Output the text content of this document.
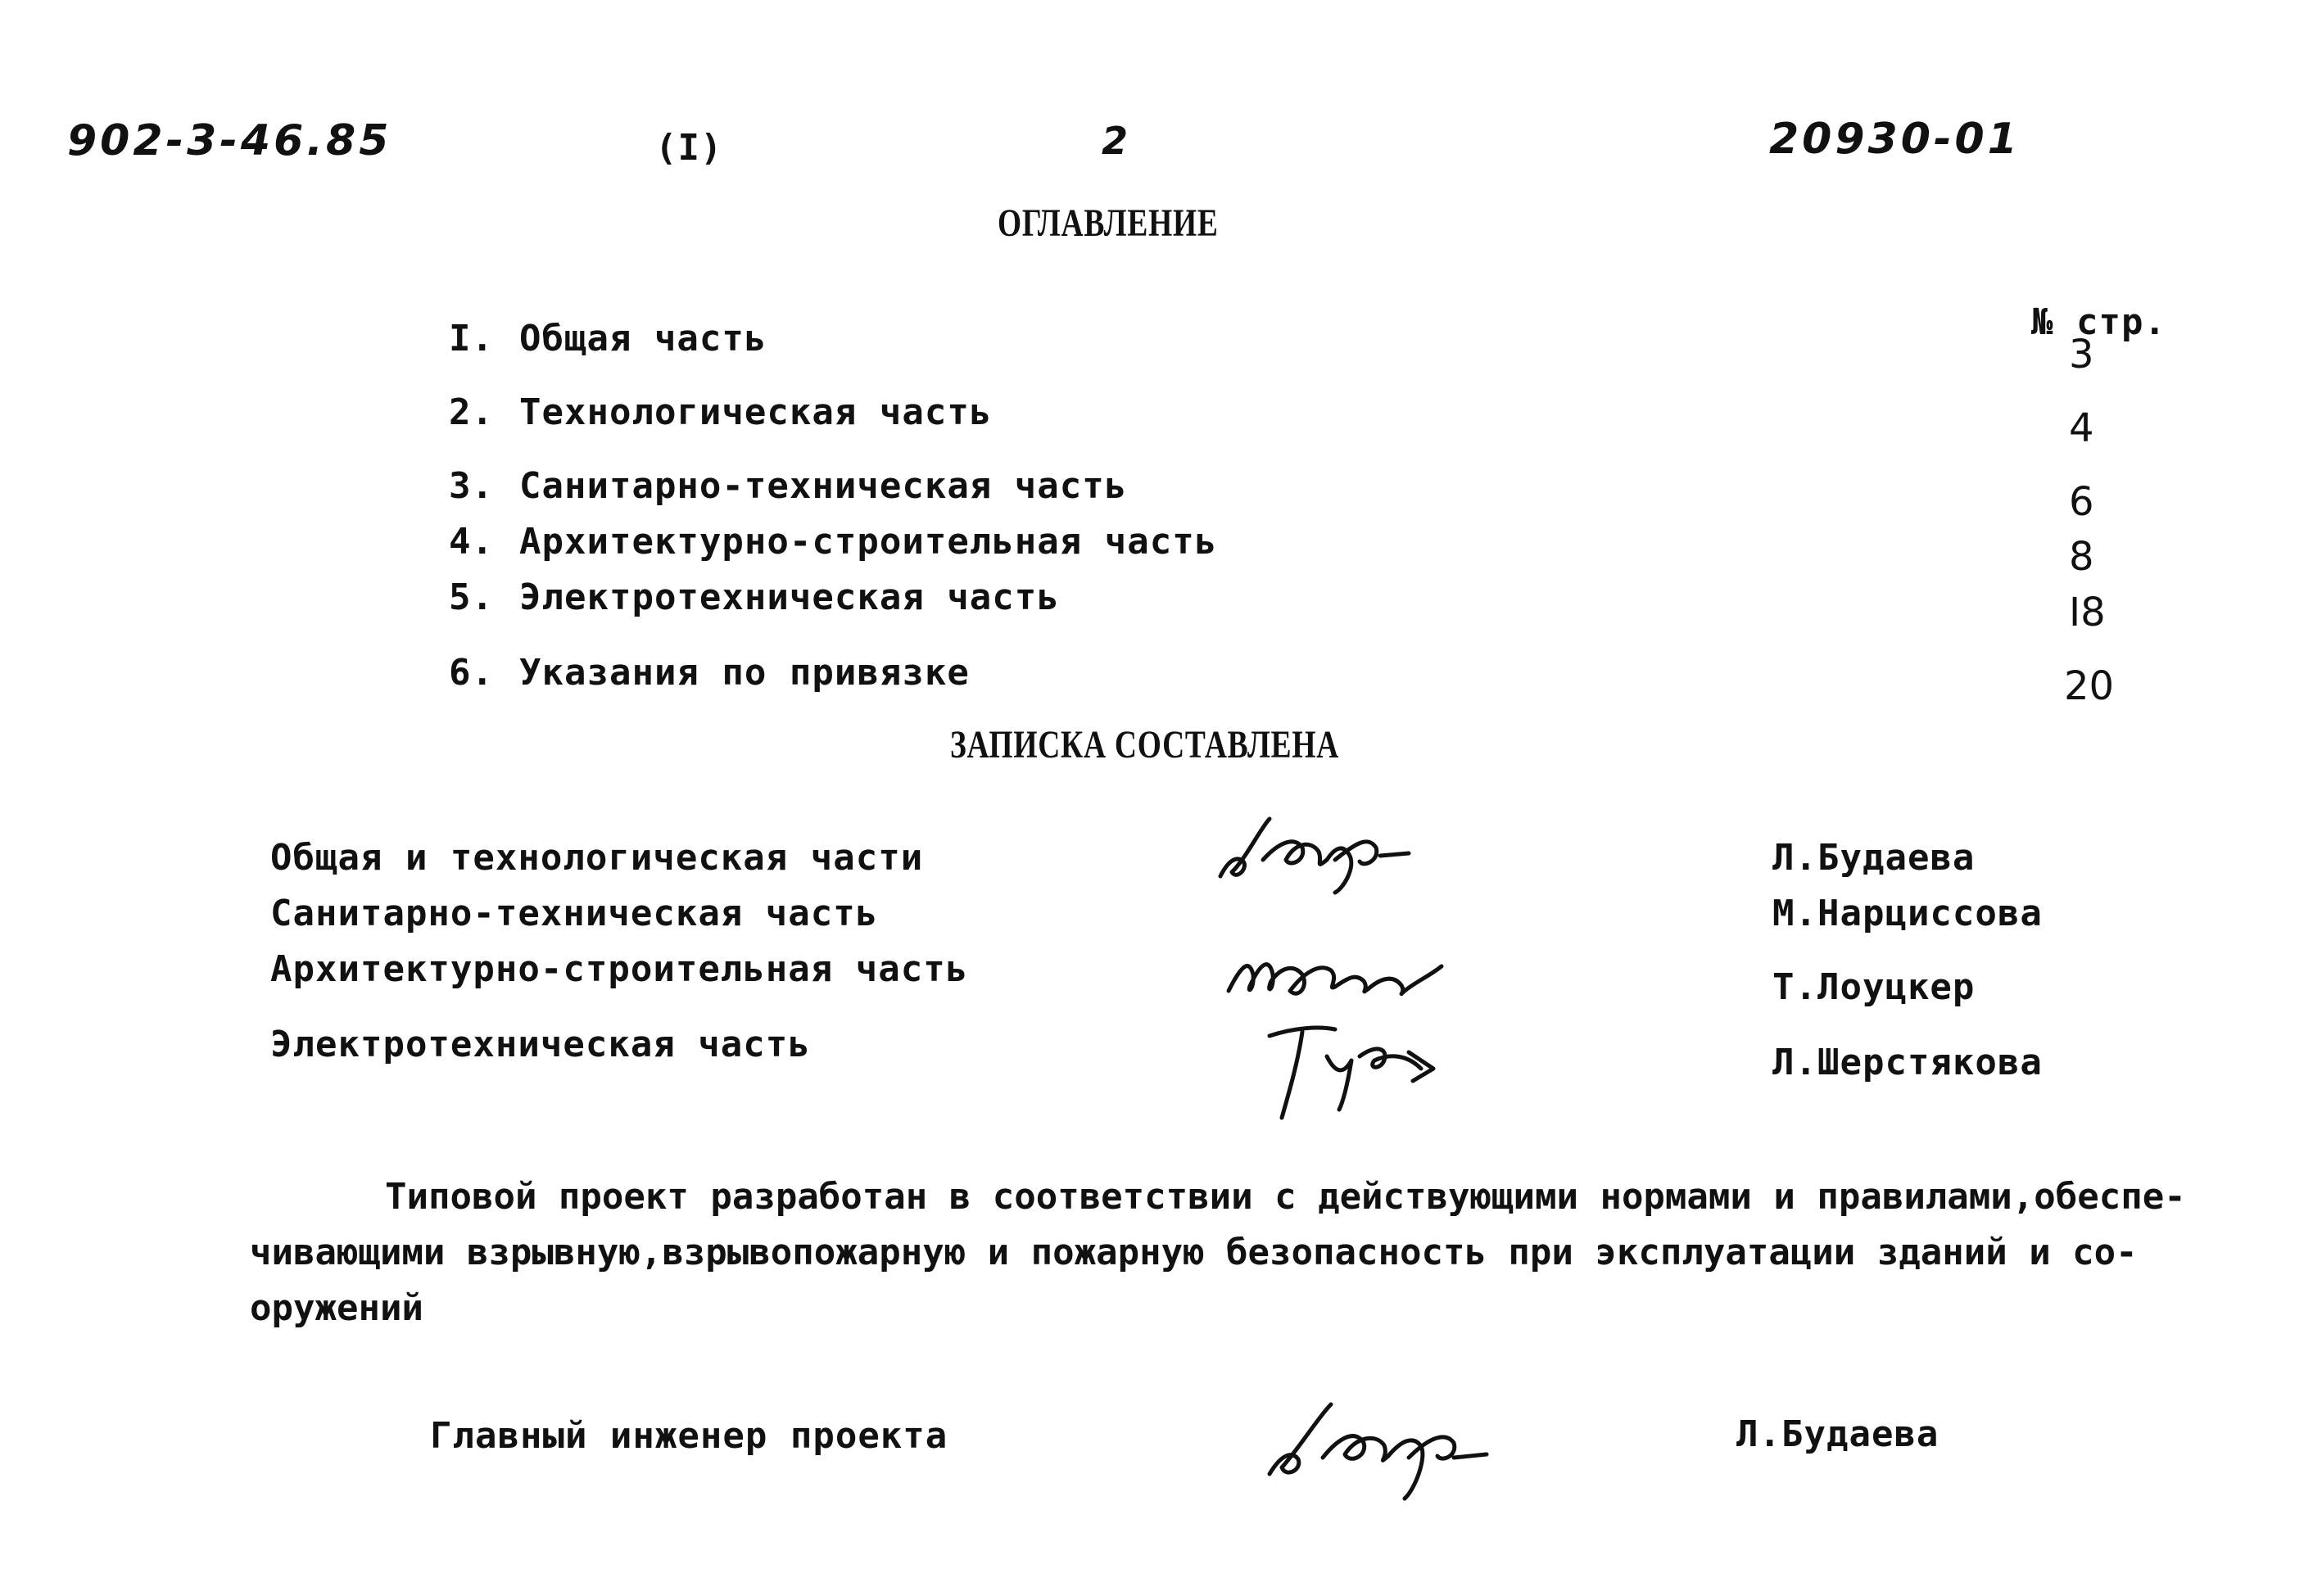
902-3-46.85	(I)	2	20930-01
ОГЛАВЛЕНИЕ
№ стр.
I. Общая часть	3
2. Технологическая часть	4
3. Санитарно-техническая часть	6
4. Архитектурно-строительная часть	8
5. Электротехническая часть	I8
6. Указания по привязке	20
ЗАПИСКА СОСТАВЛЕНА
Общая и технологическая части	Л.Будаева
Санитарно-техническая часть	М.Нарциссова
Архитектурно-строительная часть	Т.Лоуцкер
Электротехническая часть	Л.Шерстякова
Типовой проект разработан в соответствии с действующими нормами и правилами,обеспе-
чивающими взрывную,взрывопожарную и пожарную безопасность при эксплуатации зданий и со-
оружений
Главный инженер проекта	Л.Будаева
